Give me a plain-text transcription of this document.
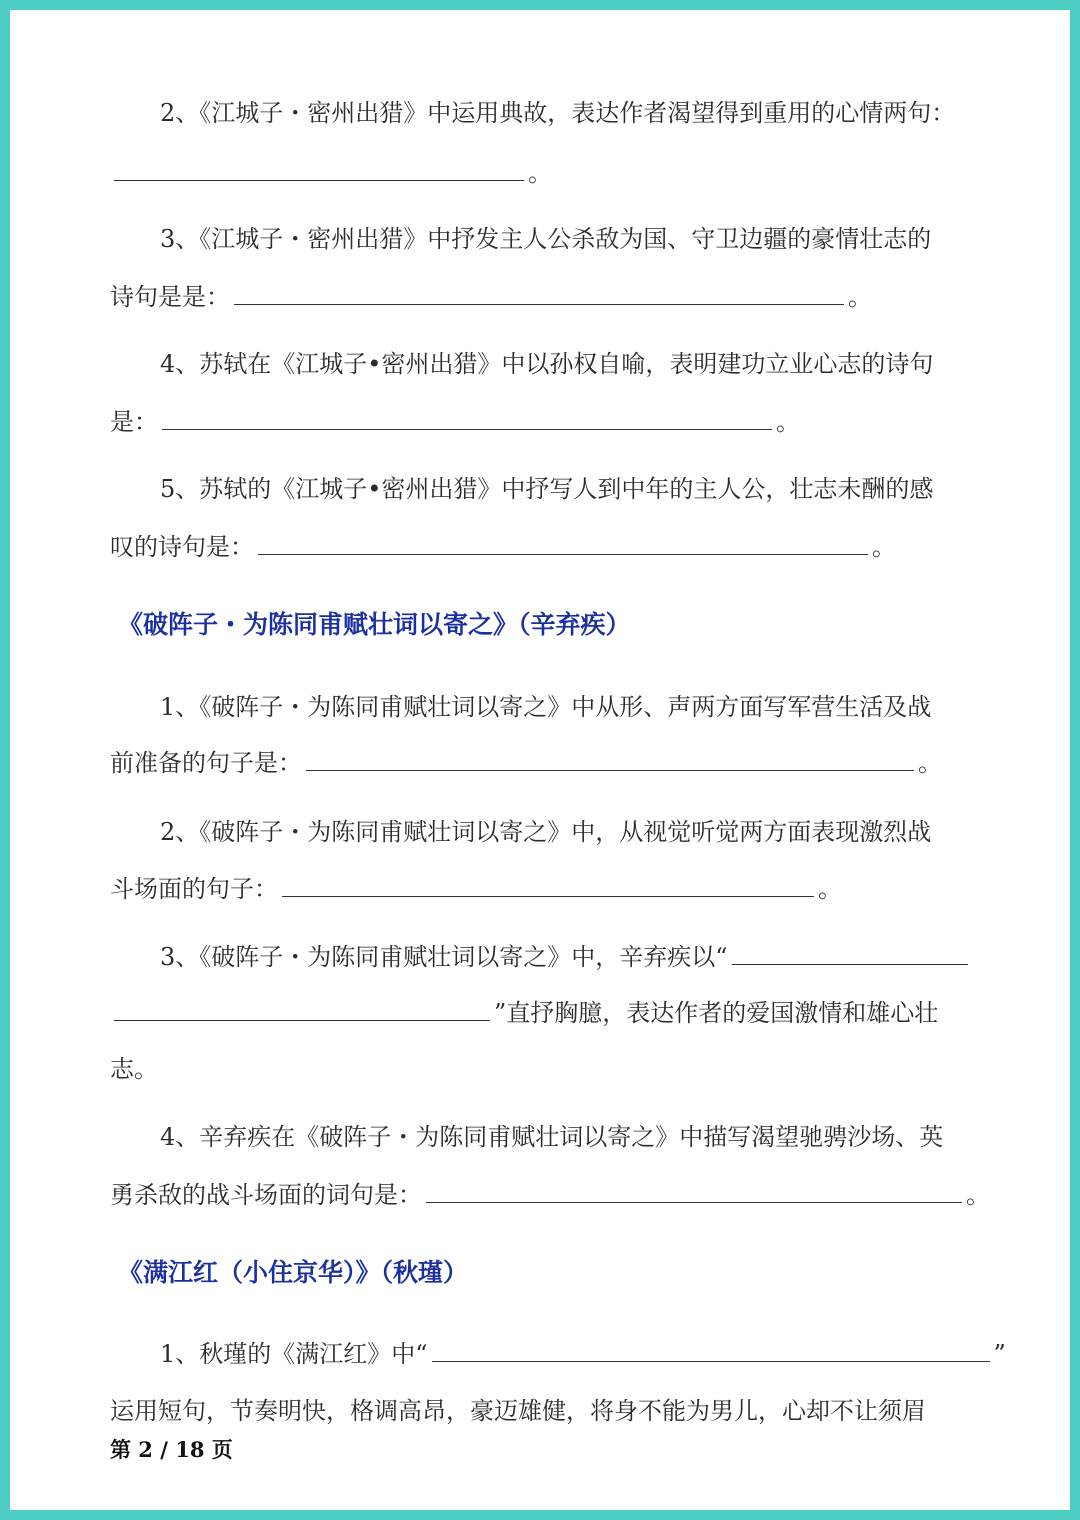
2、《江城子・密州出猎》中运用典故，表达作者渴望得到重用的心情两句：
。
3、《江城子・密州出猎》中抒发主人公杀敌为国、守卫边疆的豪情壮志的
诗句是是：	。
4、苏轼在《江城子•密州出猎》中以孙权自喻，表明建功立业心志的诗句
是：	。
5、苏轼的《江城子•密州出猎》中抒写人到中年的主人公，壮志未酬的感
叹的诗句是：	。
《破阵子・为陈同甫赋壮词以寄之》（辛弃疾）
1、《破阵子・为陈同甫赋壮词以寄之》中从形、声两方面写军营生活及战
前准备的句子是：	。
2、《破阵子・为陈同甫赋壮词以寄之》中，从视觉听觉两方面表现激烈战
斗场面的句子：	。
3、《破阵子・为陈同甫赋壮词以寄之》中，辛弃疾以“
”直抒胸臆，表达作者的爱国激情和雄心壮
志。
4、辛弃疾在《破阵子・为陈同甫赋壮词以寄之》中描写渴望驰骋沙场、英
勇杀敌的战斗场面的词句是：	。
《满江红（小住京华）》（秋瑾）
1、秋瑾的《满江红》中“	”
运用短句，节奏明快，格调高昂，豪迈雄健，将身不能为男儿，心却不让须眉
第 2 / 18 页
